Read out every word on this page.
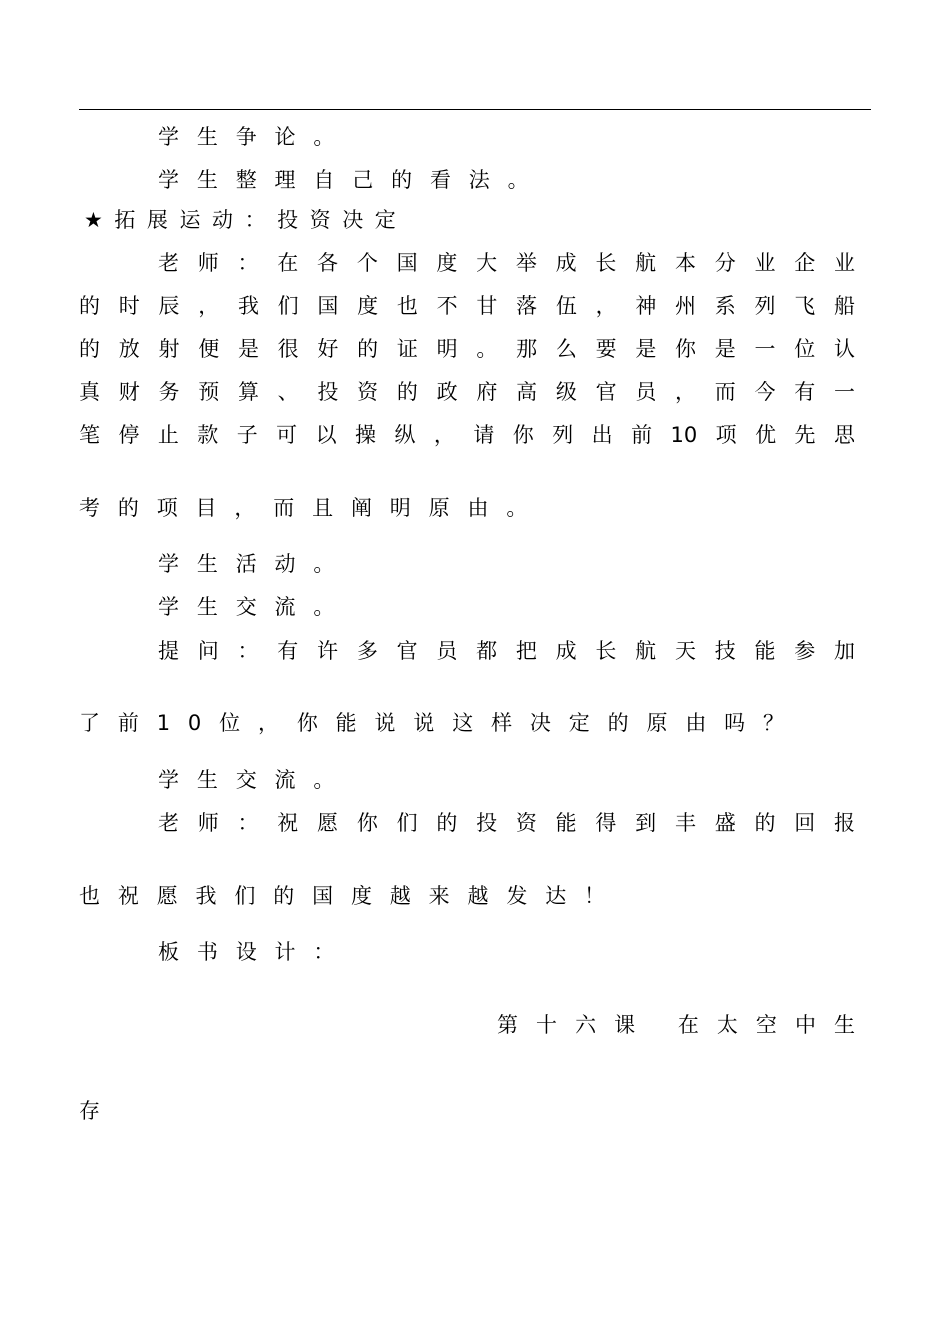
学生争论。

学生整理自己的看法。

★拓展运动：投资决定

老师：在各个国度大举成长航本分业企业

的时辰，我们国度也不甘落伍，神州系列飞船

的放射便是很好的证明。那么要是你是一位认

真财务预算、投资的政府高级官员，而今有一

笔停止款子可以操纵，请你列出前10项优先思

考的项目，而且阐明原由。

学生活动。

学生交流。

提问：有许多官员都把成长航天技能参加

了前10位，你能说说这样决定的原由吗？

学生交流。

老师：祝愿你们的投资能得到丰盛的回报

也祝愿我们的国度越来越发达！

板书设计：

第十六课 在太空中生

存
